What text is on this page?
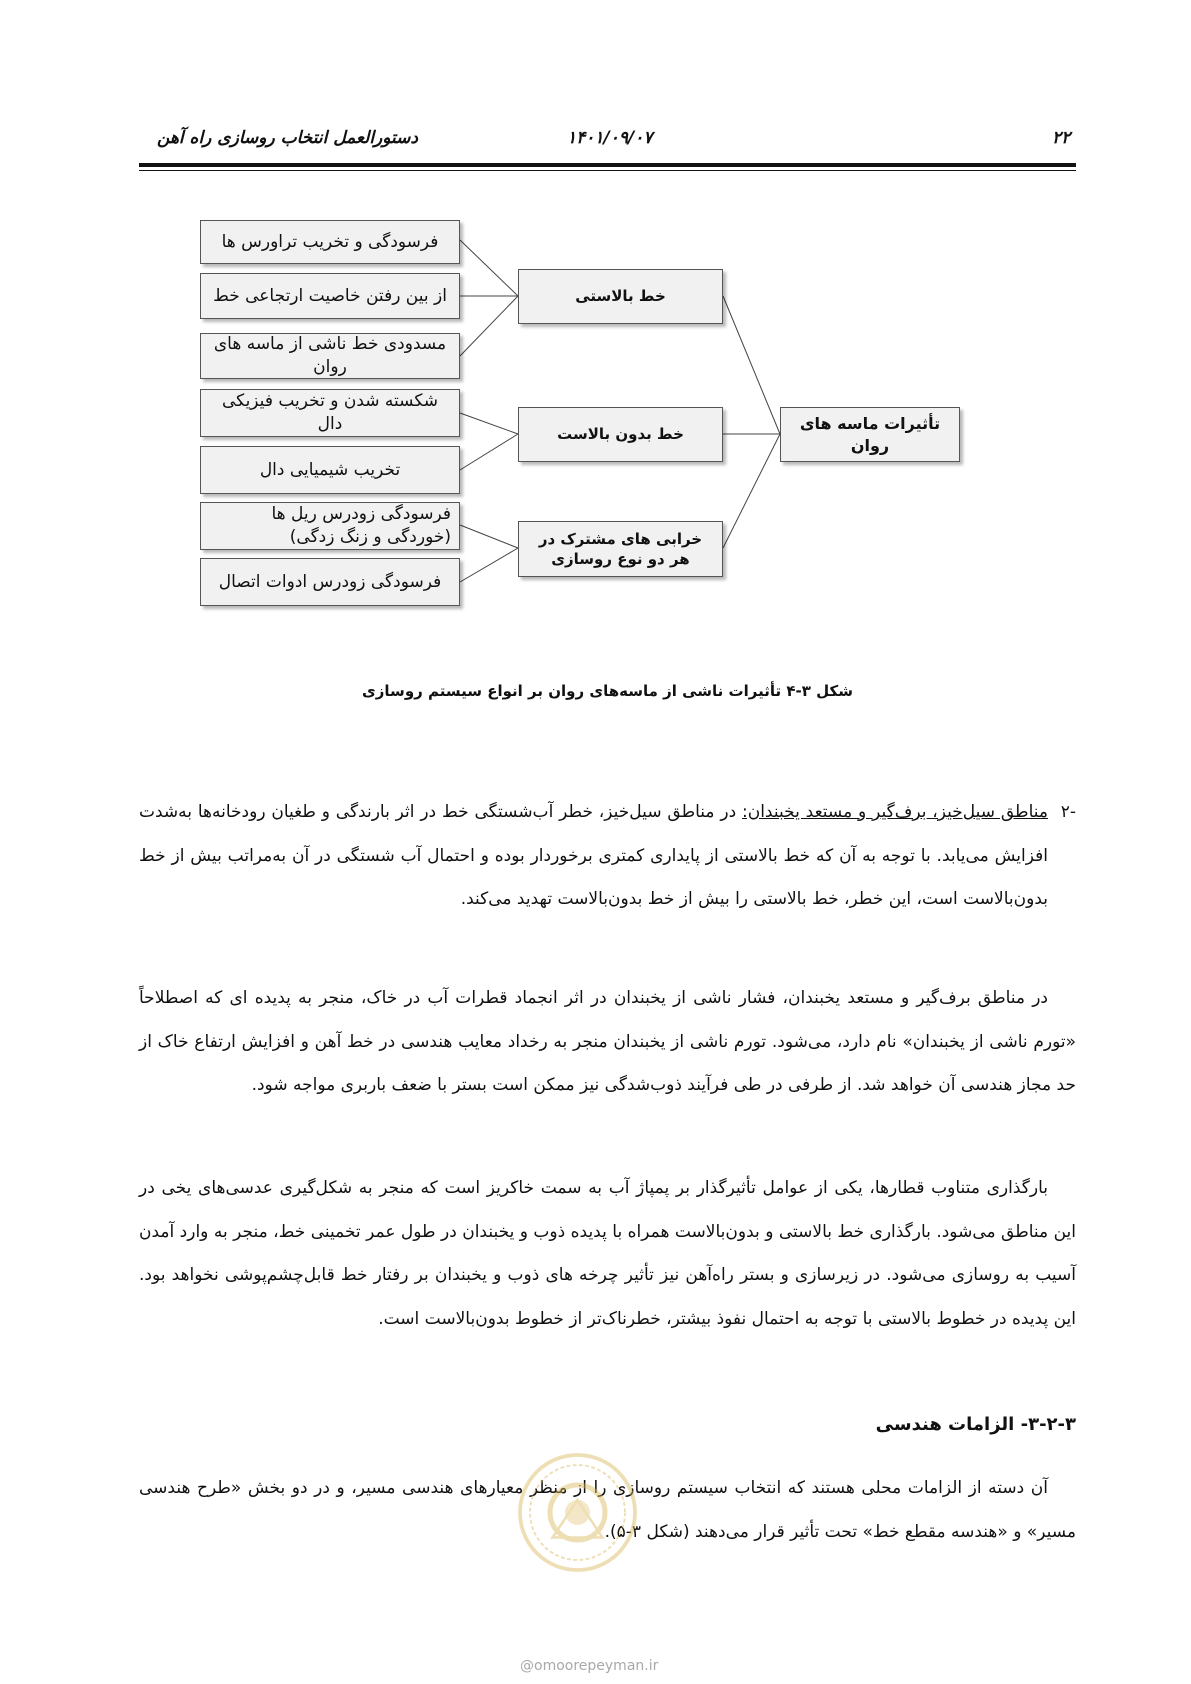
۲۲
۱۴۰۱/۰۹/۰۷
دستورالعمل انتخاب روسازی راه آهن
فرسودگی و تخریب تراورس ها
از بین رفتن خاصیت ارتجاعی خط
مسدودی خط ناشی از ماسه های روان
شکسته شدن و تخریب فیزیکی دال
تخریب شیمیایی دال
فرسودگی زودرس ریل ها (خوردگی و زنگ زدگی)
فرسودگی زودرس ادوات اتصال
خط بالاستی
خط بدون بالاست
خرابی های مشترک در هر دو نوع روسازی
تأثیرات ماسه های روان
شکل ۳-۴ تأثیرات ناشی از ماسه‌های روان بر انواع سیستم روسازی
-۲

مناطق سیل‌خیز، برف‌گیر و مستعد یخبندان: در مناطق سیل‌خیز، خطر آب‌شستگی خط در اثر بارندگی و طغیان رودخانه‌ها به‌شدت افزایش می‌یابد. با توجه به آن که خط بالاستی از پایداری کمتری برخوردار بوده و احتمال آب شستگی در آن به‌مراتب بیش از خط بدون‌بالاست است، این خطر، خط بالاستی را بیش از خط بدون‌بالاست تهدید می‌کند.

در مناطق برف‌گیر و مستعد یخبندان، فشار ناشی از یخبندان در اثر انجماد قطرات آب در خاک، منجر به پدیده ای که اصطلاحاً «تورم ناشی از یخبندان» نام دارد، می‌شود. تورم ناشی از یخبندان منجر به رخداد معایب هندسی در خط آهن و افزایش ارتفاع خاک از حد مجاز هندسی آن خواهد شد. از طرفی در طی فرآیند ذوب‌شدگی نیز ممکن است بستر با ضعف باربری مواجه شود.

بارگذاری متناوب قطارها، یکی از عوامل تأثیرگذار بر پمپاژ آب به سمت خاکریز است که منجر به شکل‌گیری عدسی‌های یخی در این مناطق می‌شود. بارگذاری خط بالاستی و بدون‌بالاست همراه با پدیده ذوب و یخبندان در طول عمر تخمینی خط، منجر به وارد آمدن آسیب به روسازی می‌شود. در زیرسازی و بستر راه‌آهن نیز تأثیر چرخه های ذوب و یخبندان بر رفتار خط قابل‌چشم‌پوشی نخواهد بود. این پدیده در خطوط بالاستی با توجه به احتمال نفوذ بیشتر، خطرناک‌تر از خطوط بدون‌بالاست است.

۳-۲-۳- الزامات هندسی

آن دسته از الزامات محلی هستند که انتخاب سیستم روسازی را از منظر معیارهای هندسی مسیر، و در دو بخش «طرح هندسی مسیر» و «هندسه مقطع خط» تحت تأثیر قرار می‌دهند (شکل ۳-۵).

@omoorepeyman.ir
